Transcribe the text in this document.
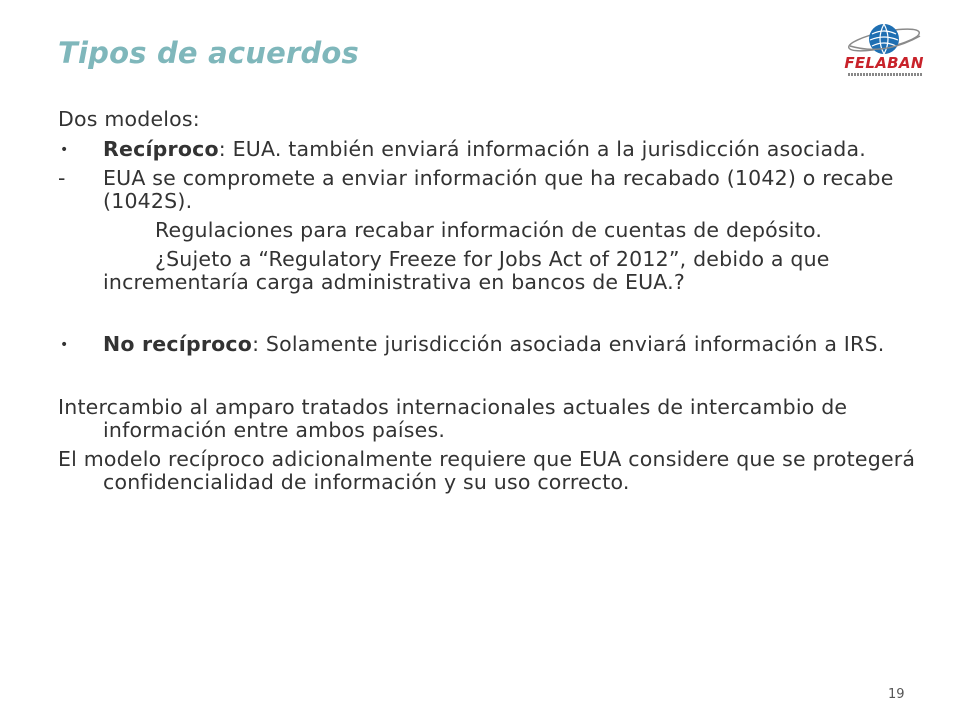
Tipos de acuerdos	FELABAN

Dos modelos:

• Recíproco: EUA. también enviará información a la jurisdicción asociada.
- EUA se compromete a enviar información que ha recabado (1042) o recabe (1042S).

Regulaciones para recabar información de cuentas de depósito.

¿Sujeto a “Regulatory Freeze for Jobs Act of 2012”, debido a que incrementaría carga administrativa en bancos de EUA.?

• No recíproco: Solamente jurisdicción asociada enviará información a IRS.

Intercambio al amparo tratados internacionales actuales de intercambio de información entre ambos países.

El modelo recíproco adicionalmente requiere que EUA considere que se protegerá confidencialidad de información y su uso correcto.

19
